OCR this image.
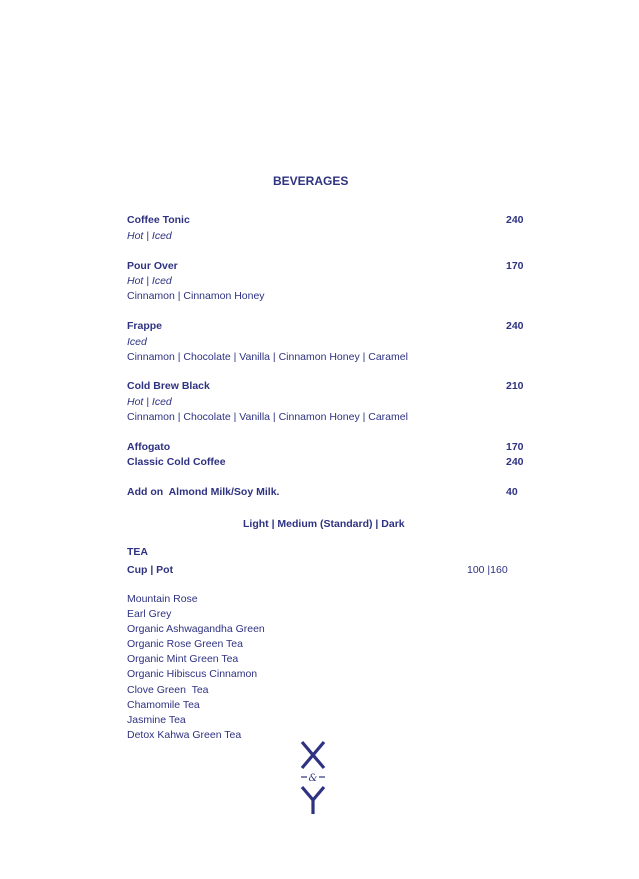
BEVERAGES
Coffee Tonic	240
Hot | Iced
Pour Over	170
Hot | Iced
Cinnamon | Cinnamon Honey
Frappe	240
Iced
Cinnamon | Chocolate | Vanilla | Cinnamon Honey | Caramel
Cold Brew Black	210
Hot | Iced
Cinnamon | Chocolate | Vanilla | Cinnamon Honey | Caramel
Affogato	170
Classic Cold Coffee	240
Add on  Almond Milk/Soy Milk.	40
Light | Medium (Standard) | Dark
TEA
Cup | Pot	100 |160
Mountain Rose
Earl Grey
Organic Ashwagandha Green
Organic Rose Green Tea
Organic Mint Green Tea
Organic Hibiscus Cinnamon
Clove Green  Tea
Chamomile Tea
Jasmine Tea
Detox Kahwa Green Tea
&
